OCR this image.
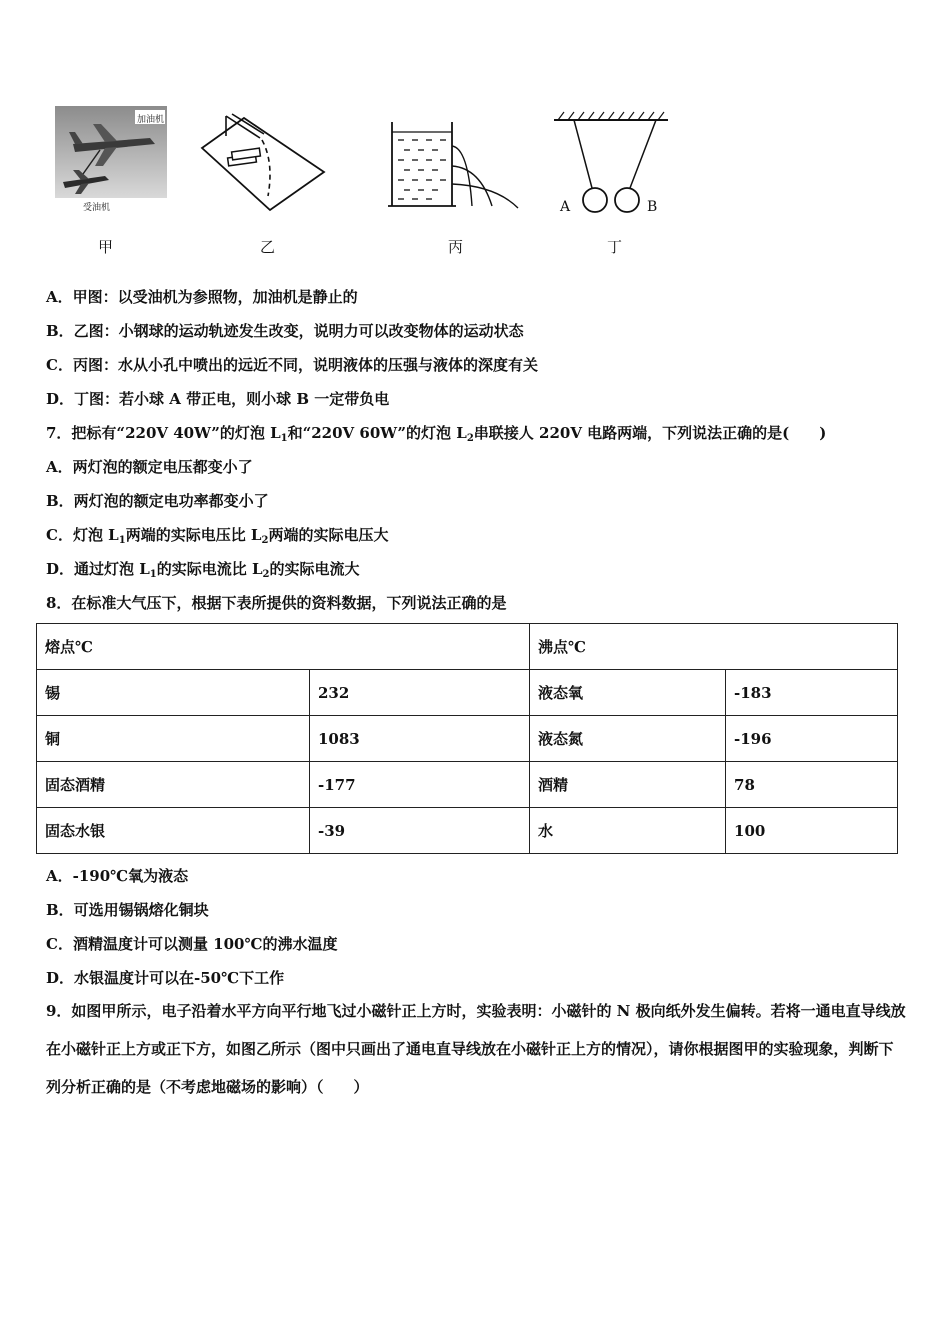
加油机
受油机	A	B
甲	乙	丙	丁
A．甲图：以受油机为参照物，加油机是静止的
B．乙图：小钢球的运动轨迹发生改变，说明力可以改变物体的运动状态
C．丙图：水从小孔中喷出的远近不同，说明液体的压强与液体的深度有关
D．丁图：若小球 A 带正电，则小球 B 一定带负电
7．把标有“220V 40W”的灯泡 $L_1$和“220V 60W”的灯泡 $L_2$串联接人 220V 电路两端，下列说法正确的是(　　)
A．两灯泡的额定电压都变小了
B．两灯泡的额定电功率都变小了
C．灯泡 $L_1$两端的实际电压比 $L_2$两端的实际电压大
D．通过灯泡 $L_1$的实际电流比 $L_2$的实际电流大
8．在标准大气压下，根据下表所提供的资料数据，下列说法正确的是
熔点℃		沸点℃	
锡	232	液态氧	-183
铜	1083	液态氮	-196
固态酒精	-177	酒精	78
固态水银	-39	水	100
A．-190℃氧为液态
B．可选用锡锅熔化铜块
C．酒精温度计可以测量 100℃的沸水温度
D．水银温度计可以在-50℃下工作
9．如图甲所示，电子沿着水平方向平行地飞过小磁针正上方时，实验表明：小磁针的 N 极向纸外发生偏转。若将一通电直导线放在小磁针正上方或正下方，如图乙所示（图中只画出了通电直导线放在小磁针正上方的情况），请你根据图甲的实验现象，判断下列分析正确的是（不考虑地磁场的影响）（　　）
